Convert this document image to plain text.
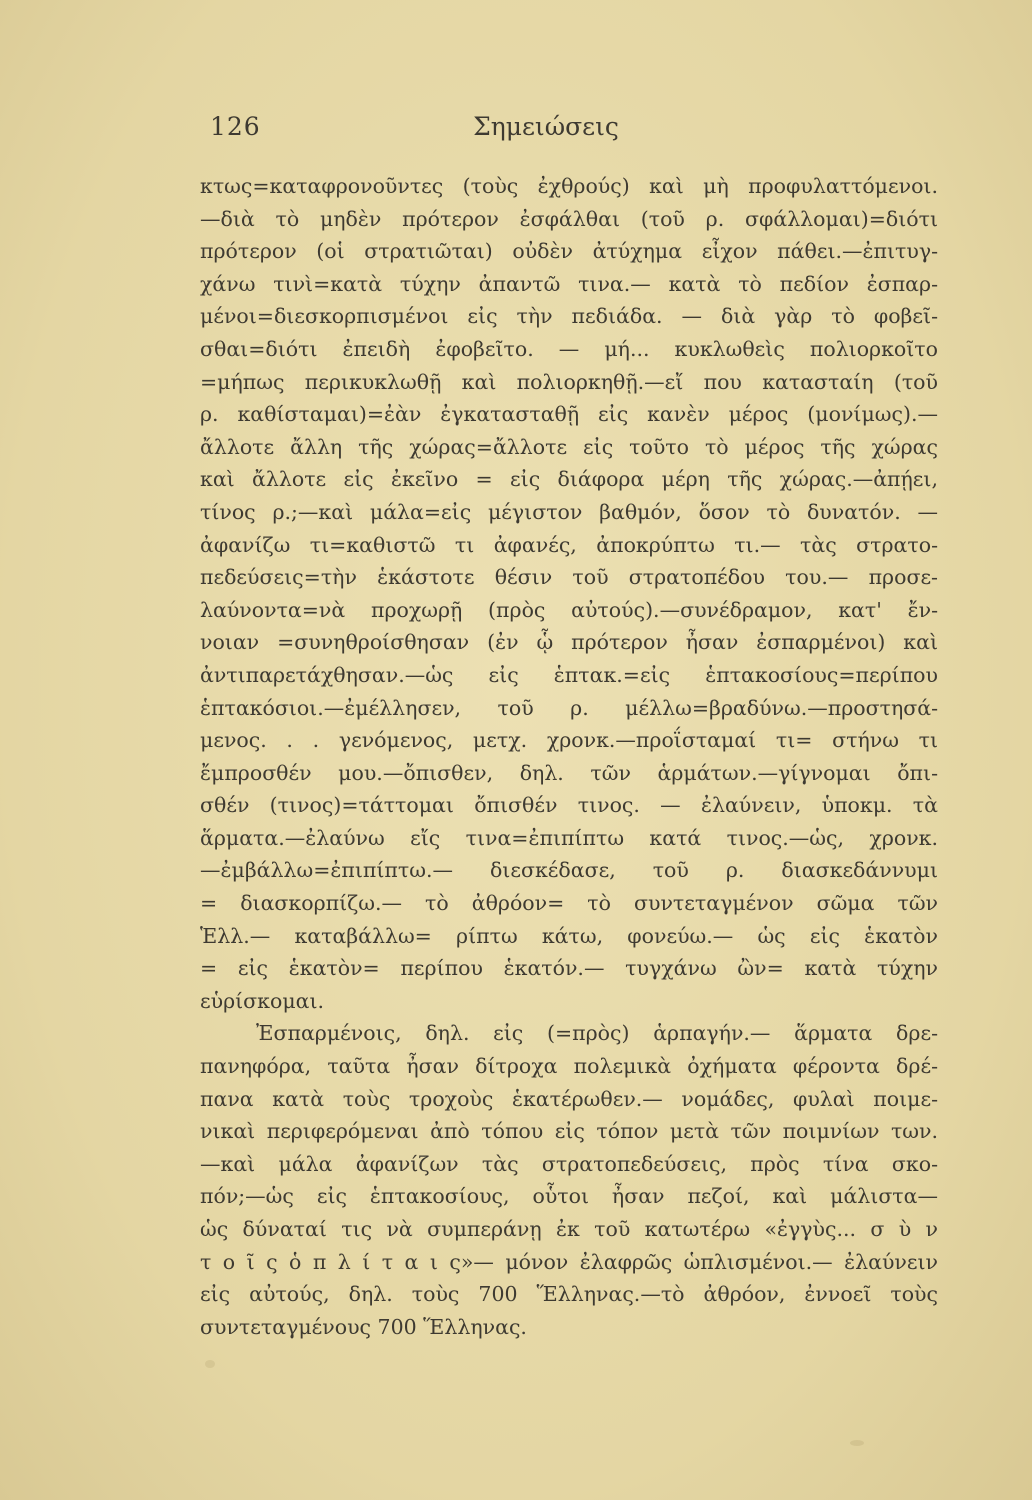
126	Σημειώσεις
κτως=καταφρονοῦντες (τοὺς ἐχθρούς) καὶ μὴ προφυλαττόμενοι.
—διὰ τὸ μηδὲν πρότερον ἐσφάλθαι (τοῦ ρ. σφάλλομαι)=διότι
πρότερον (οἱ στρατιῶται) οὐδὲν ἀτύχημα εἶχον πάθει.—ἐπιτυγ-
χάνω τινὶ=κατὰ τύχην ἀπαντῶ τινα.— κατὰ τὸ πεδίον ἐσπαρ-
μένοι=διεσκορπισμένοι εἰς τὴν πεδιάδα. — διὰ γὰρ τὸ φοβεῖ-
σθαι=διότι ἐπειδὴ ἐφοβεῖτο. — μή... κυκλωθεὶς πολιορκοῖτο
=μήπως περικυκλωθῇ καὶ πολιορκηθῇ.—εἴ που κατασταίη (τοῦ
ρ. καθίσταμαι)=ἐὰν ἐγκατασταθῇ εἰς κανὲν μέρος (μονίμως).—
ἄλλοτε ἄλλη τῆς χώρας=ἄλλοτε εἰς τοῦτο τὸ μέρος τῆς χώρας
καὶ ἄλλοτε εἰς ἐκεῖνο = εἰς διάφορα μέρη τῆς χώρας.—ἀπῄει,
τίνος ρ.;—καὶ μάλα=εἰς μέγιστον βαθμόν, ὅσον τὸ δυνατόν. —
ἀφανίζω τι=καθιστῶ τι ἀφανές, ἀποκρύπτω τι.— τὰς στρατο-
πεδεύσεις=τὴν ἑκάστοτε θέσιν τοῦ στρατοπέδου του.— προσε-
λαύνοντα=νὰ προχωρῇ (πρὸς αὐτούς).—συνέδραμον, κατ' ἔν-
νοιαν =συνηθροίσθησαν (ἐν ᾧ πρότερον ἦσαν ἐσπαρμένοι) καὶ
ἀντιπαρετάχθησαν.—ὡς εἰς ἑπτακ.=εἰς ἑπτακοσίους=περίπου
ἑπτακόσιοι.—ἐμέλλησεν, τοῦ ρ. μέλλω=βραδύνω.—προστησά-
μενος. . . γενόμενος, μετχ. χρονκ.—προΐσταμαί τι= στήνω τι
ἔμπροσθέν μου.—ὄπισθεν, δηλ. τῶν ἁρμάτων.—γίγνομαι ὄπι-
σθέν (τινος)=τάττομαι ὄπισθέν τινος. — ἐλαύνειν, ὑποκμ. τὰ
ἅρματα.—ἐλαύνω εἴς τινα=ἐπιπίπτω κατά τινος.—ὡς, χρονκ.
—ἐμβάλλω=ἐπιπίπτω.— διεσκέδασε, τοῦ ρ. διασκεδάννυμι
= διασκορπίζω.— τὸ ἀθρόον= τὸ συντεταγμένον σῶμα τῶν
Ἑλλ.— καταβάλλω= ρίπτω κάτω, φονεύω.— ὡς εἰς ἑκατὸν
= εἰς ἑκατὸν= περίπου ἑκατόν.— τυγχάνω ὢν= κατὰ τύχην
εὑρίσκομαι.
Ἐσπαρμένοις, δηλ. εἰς (=πρὸς) ἁρπαγήν.— ἅρματα δρε-
πανηφόρα, ταῦτα ἦσαν δίτροχα πολεμικὰ ὀχήματα φέροντα δρέ-
πανα κατὰ τοὺς τροχοὺς ἑκατέρωθεν.— νομάδες, φυλαὶ ποιμε-
νικαὶ περιφερόμεναι ἀπὸ τόπου εἰς τόπον μετὰ τῶν ποιμνίων των.
—καὶ μάλα ἀφανίζων τὰς στρατοπεδεύσεις, πρὸς τίνα σκο-
πόν;—ὡς εἰς ἑπτακοσίους, οὗτοι ἦσαν πεζοί, καὶ μάλιστα—
ὡς δύναταί τις νὰ συμπεράνῃ ἐκ τοῦ κατωτέρω «ἐγγὺς... σ ὺ ν
τ ο ῖ ς ὁ π λ ί τ α ι ς»— μόνον ἐλαφρῶς ὡπλισμένοι.— ἐλαύνειν
εἰς αὐτούς, δηλ. τοὺς 700 Ἕλληνας.—τὸ ἀθρόον, ἐννοεῖ τοὺς
συντεταγμένους 700 Ἕλληνας.
